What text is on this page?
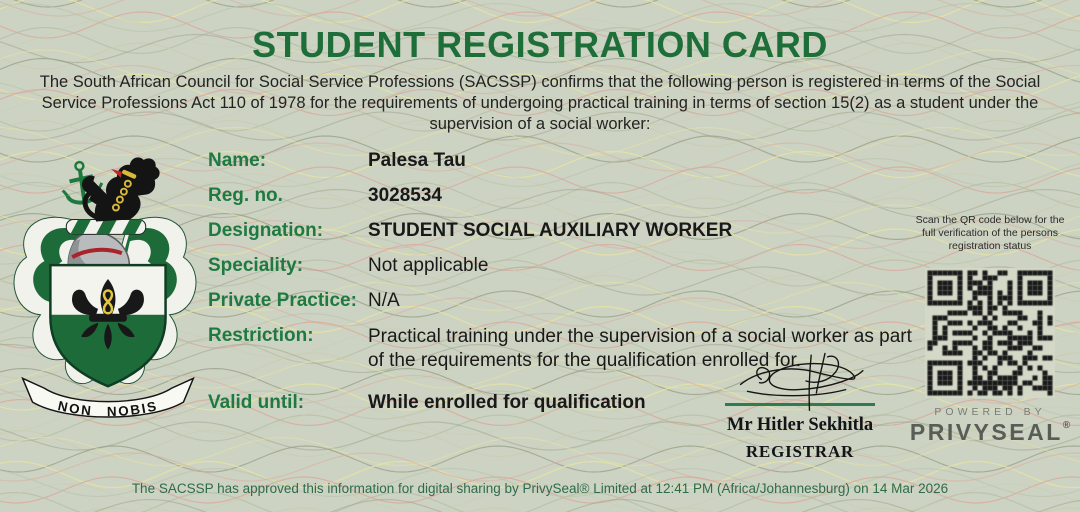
STUDENT REGISTRATION CARD

The South African Council for Social Service Professions (SACSSP) confirms that the following person is registered in terms of the Social Service Professions Act 110 of 1978 for the requirements of undergoing practical training in terms of section 15(2) as a student under the supervision of a social worker:

NON NOBIS
Name:	Palesa Tau
Reg. no.	3028534
Designation:	STUDENT SOCIAL AUXILIARY WORKER
Speciality:	Not applicable
Private Practice: N/A
Restriction:	Practical training under the supervision of a social worker as part of the requirements for the qualification enrolled for.
Valid until:	While enrolled for qualification
Mr Hitler Sekhitla
REGISTRAR
Scan the QR code below for the full verification of the persons registration status
POWERED BY
PRIVYSEAL®
The SACSSP has approved this information for digital sharing by PrivySeal® Limited at 12:41 PM (Africa/Johannesburg) on 14 Mar 2026
